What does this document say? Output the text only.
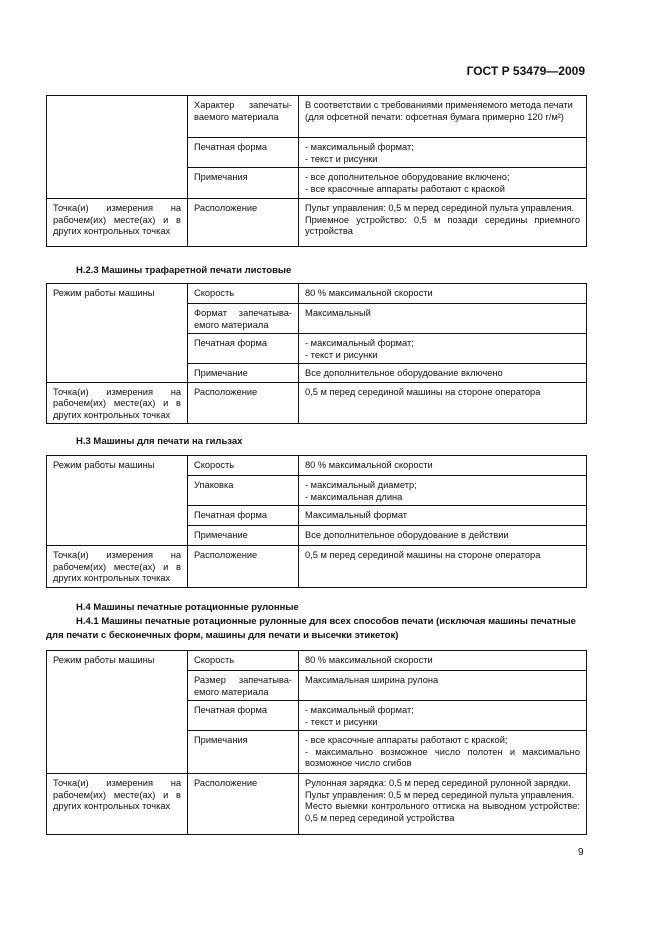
ГОСТ Р 53479—2009
Н.2.3 Машины трафаретной печати листовые
Н.3 Машины для печати на гильзах
Н.4 Машины печатные ротационные рулонные
Н.4.1 Машины печатные ротационные рулонные для всех способов печати (исключая машины печатные для печати с бесконечных форм, машины для печати и высечки этикеток)
	Характер запечаты-ваемого материала	В соответствии с требованиями применяемого метода печати
(для офсетной печати: офсетная бумага примерно 120 г/м²)

	Печатная форма	- максимальный формат;
- текст и рисунки

	Примечания	- все дополнительное оборудование включено;
- все красочные аппараты работают с краской

Точка(и) измерения на рабочем(их) месте(ах) и в других контрольных точках	Расположение	Пульт управления: 0,5 м перед серединой пульта управления.
Приемное устройство: 0,5 м позади середины приемного устройства
Режим работы машины	Скорость	80 % максимальной скорости

	Формат запечатыва-емого материала	Максимальный

	Печатная форма	- максимальный формат;
- текст и рисунки

	Примечание	Все дополнительное оборудование включено

Точка(и) измерения на рабочем(их) месте(ах) и в других контрольных точках	Расположение	0,5 м перед серединой машины на стороне оператора
Режим работы машины	Скорость	80 % максимальной скорости

	Упаковка	- максимальный диаметр;
- максимальная длина

	Печатная форма	Максимальный формат

	Примечание	Все дополнительное оборудование в действии

Точка(и) измерения на рабочем(их) месте(ах) и в других контрольных точках	Расположение	0,5 м перед серединой машины на стороне оператора
Режим работы машины	Скорость	80 % максимальной скорости

	Размер запечатыва-емого материала	Максимальная ширина рулона

	Печатная форма	- максимальный формат;
- текст и рисунки

	Примечания	- все красочные аппараты работают с краской;
- максимально возможное число полотен и максимально возможное число сгибов

Точка(и) измерения на рабочем(их) месте(ах) и в других контрольных точках	Расположение	Рулонная зарядка: 0,5 м перед серединой рулонной зарядки.
Пульт управления: 0,5 м перед серединой пульта управления.
Место выемки контрольного оттиска на выводном устройстве: 0,5 м перед серединой устройства
9
